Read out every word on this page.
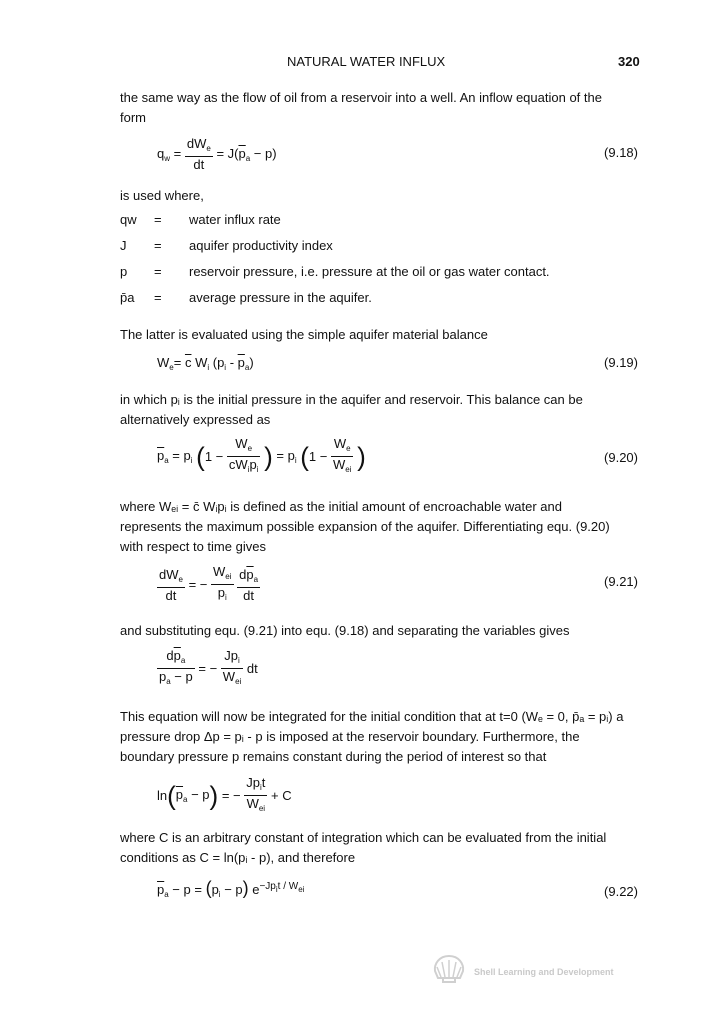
NATURAL WATER INFLUX	320
the same way as the flow of oil from a reservoir into a well. An inflow equation of the form
$q_w = \frac{dW_e}{dt} = J(\overline{p}_a - p)$	(9.18)
is used where,
qw = water influx rate
J = aquifer productivity index
p = reservoir pressure, i.e. pressure at the oil or gas water contact.
p̄a = average pressure in the aquifer.
The latter is evaluated using the simple aquifer material balance
$W_e= \overline{c}$ $W_i$ $(p_i - \overline{p}_a)$	(9.19)
in which pᵢ is the initial pressure in the aquifer and reservoir. This balance can be alternatively expressed as
$\overline{p}_a = p_i$ ($1 - \frac{W_e}{\overline{c}W_ip_i}$ ) = $p_i$ ($1 - \frac{W_e}{W_{ei}}$ )	(9.20)
where Wₑᵢ = c̄ Wᵢpᵢ is defined as the initial amount of encroachable water and represents the maximum possible expansion of the aquifer. Differentiating equ. (9.20) with respect to time gives
$\frac{dW_e}{dt}$ = − $\frac{W_{ei}}{p_i}$
$\frac{d\overline{p}_a}{dt}$	(9.21)
and substituting equ. (9.21) into equ. (9.18) and separating the variables gives
$\frac{d\overline{p}_a}{\overline{p}_a - p}$ = − $\frac{Jp_i}{W_{ei}}$ dt
This equation will now be integrated for the initial condition that at t=0 (Wₑ = 0, p̄ₐ = pᵢ) a pressure drop Δp = pᵢ - p is imposed at the reservoir boundary. Furthermore, the boundary pressure p remains constant during the period of interest so that
$\ln(\overline{p}_a - p)$ = − $\frac{Jp_it}{W_{ei}} + C$
where C is an arbitrary constant of integration which can be evaluated from the initial conditions as C = ln(pᵢ - p), and therefore
$\overline{p}_a - p = (p_i - p)$ $e^{-Jp_it / W_{ei}}$	(9.22)
Shell Learning and Development
